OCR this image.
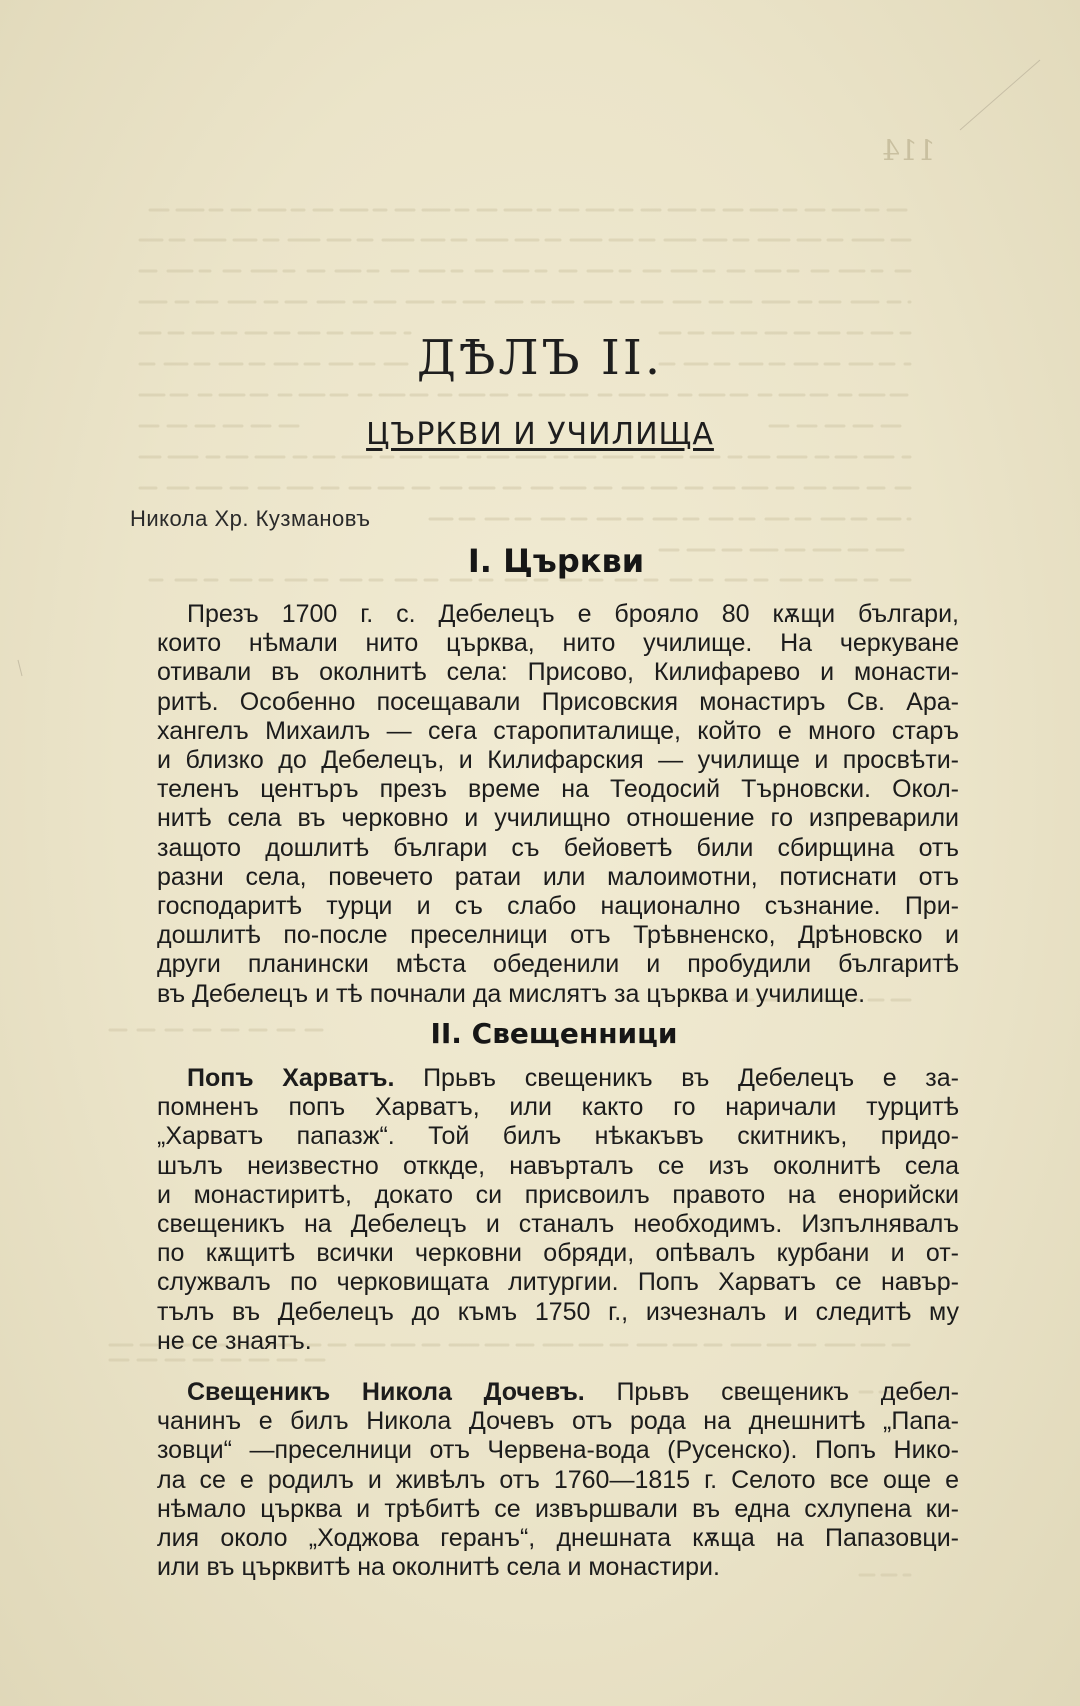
114
ДѢЛЪ II.
ЦЪРКВИ И УЧИЛИЩА
Никола Хр. Кузмановъ
I. Църкви
Презъ 1700 г. с. Дебелецъ е брояло 80 кѫщи българи,
които нѣмали нито църква, нито училище. На черкуване
отивали въ околнитѣ села: Присово, Килифарево и монасти-
ритѣ. Особенно посещавали Присовския монастиръ Св. Ара-
хангелъ Михаилъ — сега старопиталище, който е много старъ
и близко до Дебелецъ, и Килифарския — училище и просвѣти-
теленъ центъръ презъ време на Теодосий Търновски. Окол-
нитѣ села въ черковно и училищно отношение го изпреварили
защото дошлитѣ българи съ бейоветѣ били сбирщина отъ
разни села, повечето ратаи или малоимотни, потиснати отъ
господаритѣ турци и съ слабо национално съзнание. При-
дошлитѣ по-после преселници отъ Трѣвненско, Дрѣновско и
други планински мѣста обеденили и пробудили българитѣ
въ Дебелецъ и тѣ почнали да мислятъ за църква и училище.
II. Свещенници
Попъ Харватъ. Прьвъ свещеникъ въ Дебелецъ е за-
помненъ попъ Харватъ, или както го наричали турцитѣ
„Харватъ папазж“. Той билъ нѣкакъвъ скитникъ, придо-
шълъ неизвестно отккде, навърталъ се изъ околнитѣ села
и монастиритѣ, докато си присвоилъ правото на енорийски
свещеникъ на Дебелецъ и станалъ необходимъ. Изпълнявалъ
по кѫщитѣ всички черковни обряди, опѣвалъ курбани и от-
служвалъ по черковищата литургии. Попъ Харватъ се навър-
тълъ въ Дебелецъ до къмъ 1750 г., изчезналъ и следитѣ му
не се знаятъ.
Свещеникъ Никола Дочевъ. Прьвъ свещеникъ дебел-
чанинъ е билъ Никола Дочевъ отъ рода на днешнитѣ „Папа-
зовци“ —преселници отъ Червена-вода (Русенско). Попъ Нико-
ла се е родилъ и живѣлъ отъ 1760—1815 г. Селото все още е
нѣмало църква и трѣбитѣ се извършвали въ една схлупена ки-
лия около „Ходжова геранъ“, днешната кѫща на Папазовци-
или въ църквитѣ на околнитѣ села и монастири.
